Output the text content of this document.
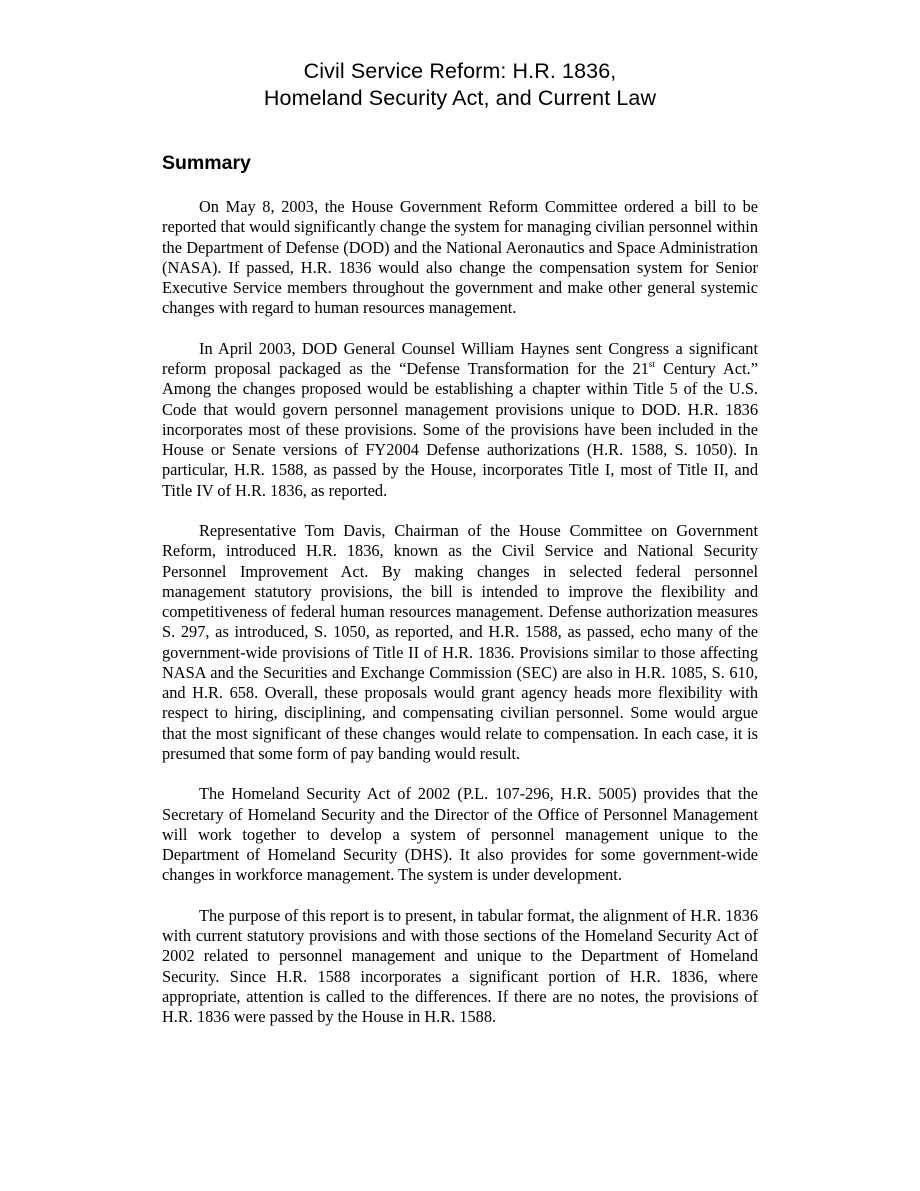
Civil Service Reform: H.R. 1836,
Homeland Security Act, and Current Law
Summary

On May 8, 2003, the House Government Reform Committee ordered a bill to be reported that would significantly change the system for managing civilian personnel within the Department of Defense (DOD) and the National Aeronautics and Space Administration (NASA). If passed, H.R. 1836 would also change the compensation system for Senior Executive Service members throughout the government and make other general systemic changes with regard to human resources management.

In April 2003, DOD General Counsel William Haynes sent Congress a significant reform proposal packaged as the “Defense Transformation for the 21st Century Act.” Among the changes proposed would be establishing a chapter within Title 5 of the U.S. Code that would govern personnel management provisions unique to DOD. H.R. 1836 incorporates most of these provisions. Some of the provisions have been included in the House or Senate versions of FY2004 Defense authorizations (H.R. 1588, S. 1050). In particular, H.R. 1588, as passed by the House, incorporates Title I, most of Title II, and Title IV of H.R. 1836, as reported.

Representative Tom Davis, Chairman of the House Committee on Government Reform, introduced H.R. 1836, known as the Civil Service and National Security Personnel Improvement Act. By making changes in selected federal personnel management statutory provisions, the bill is intended to improve the flexibility and competitiveness of federal human resources management. Defense authorization measures S. 297, as introduced, S. 1050, as reported, and H.R. 1588, as passed, echo many of the government-wide provisions of Title II of H.R. 1836. Provisions similar to those affecting NASA and the Securities and Exchange Commission (SEC) are also in H.R. 1085, S. 610, and H.R. 658. Overall, these proposals would grant agency heads more flexibility with respect to hiring, disciplining, and compensating civilian personnel. Some would argue that the most significant of these changes would relate to compensation. In each case, it is presumed that some form of pay banding would result.

The Homeland Security Act of 2002 (P.L. 107-296, H.R. 5005) provides that the Secretary of Homeland Security and the Director of the Office of Personnel Management will work together to develop a system of personnel management unique to the Department of Homeland Security (DHS). It also provides for some government-wide changes in workforce management. The system is under development.

The purpose of this report is to present, in tabular format, the alignment of H.R. 1836 with current statutory provisions and with those sections of the Homeland Security Act of 2002 related to personnel management and unique to the Department of Homeland Security. Since H.R. 1588 incorporates a significant portion of H.R. 1836, where appropriate, attention is called to the differences. If there are no notes, the provisions of H.R. 1836 were passed by the House in H.R. 1588.
